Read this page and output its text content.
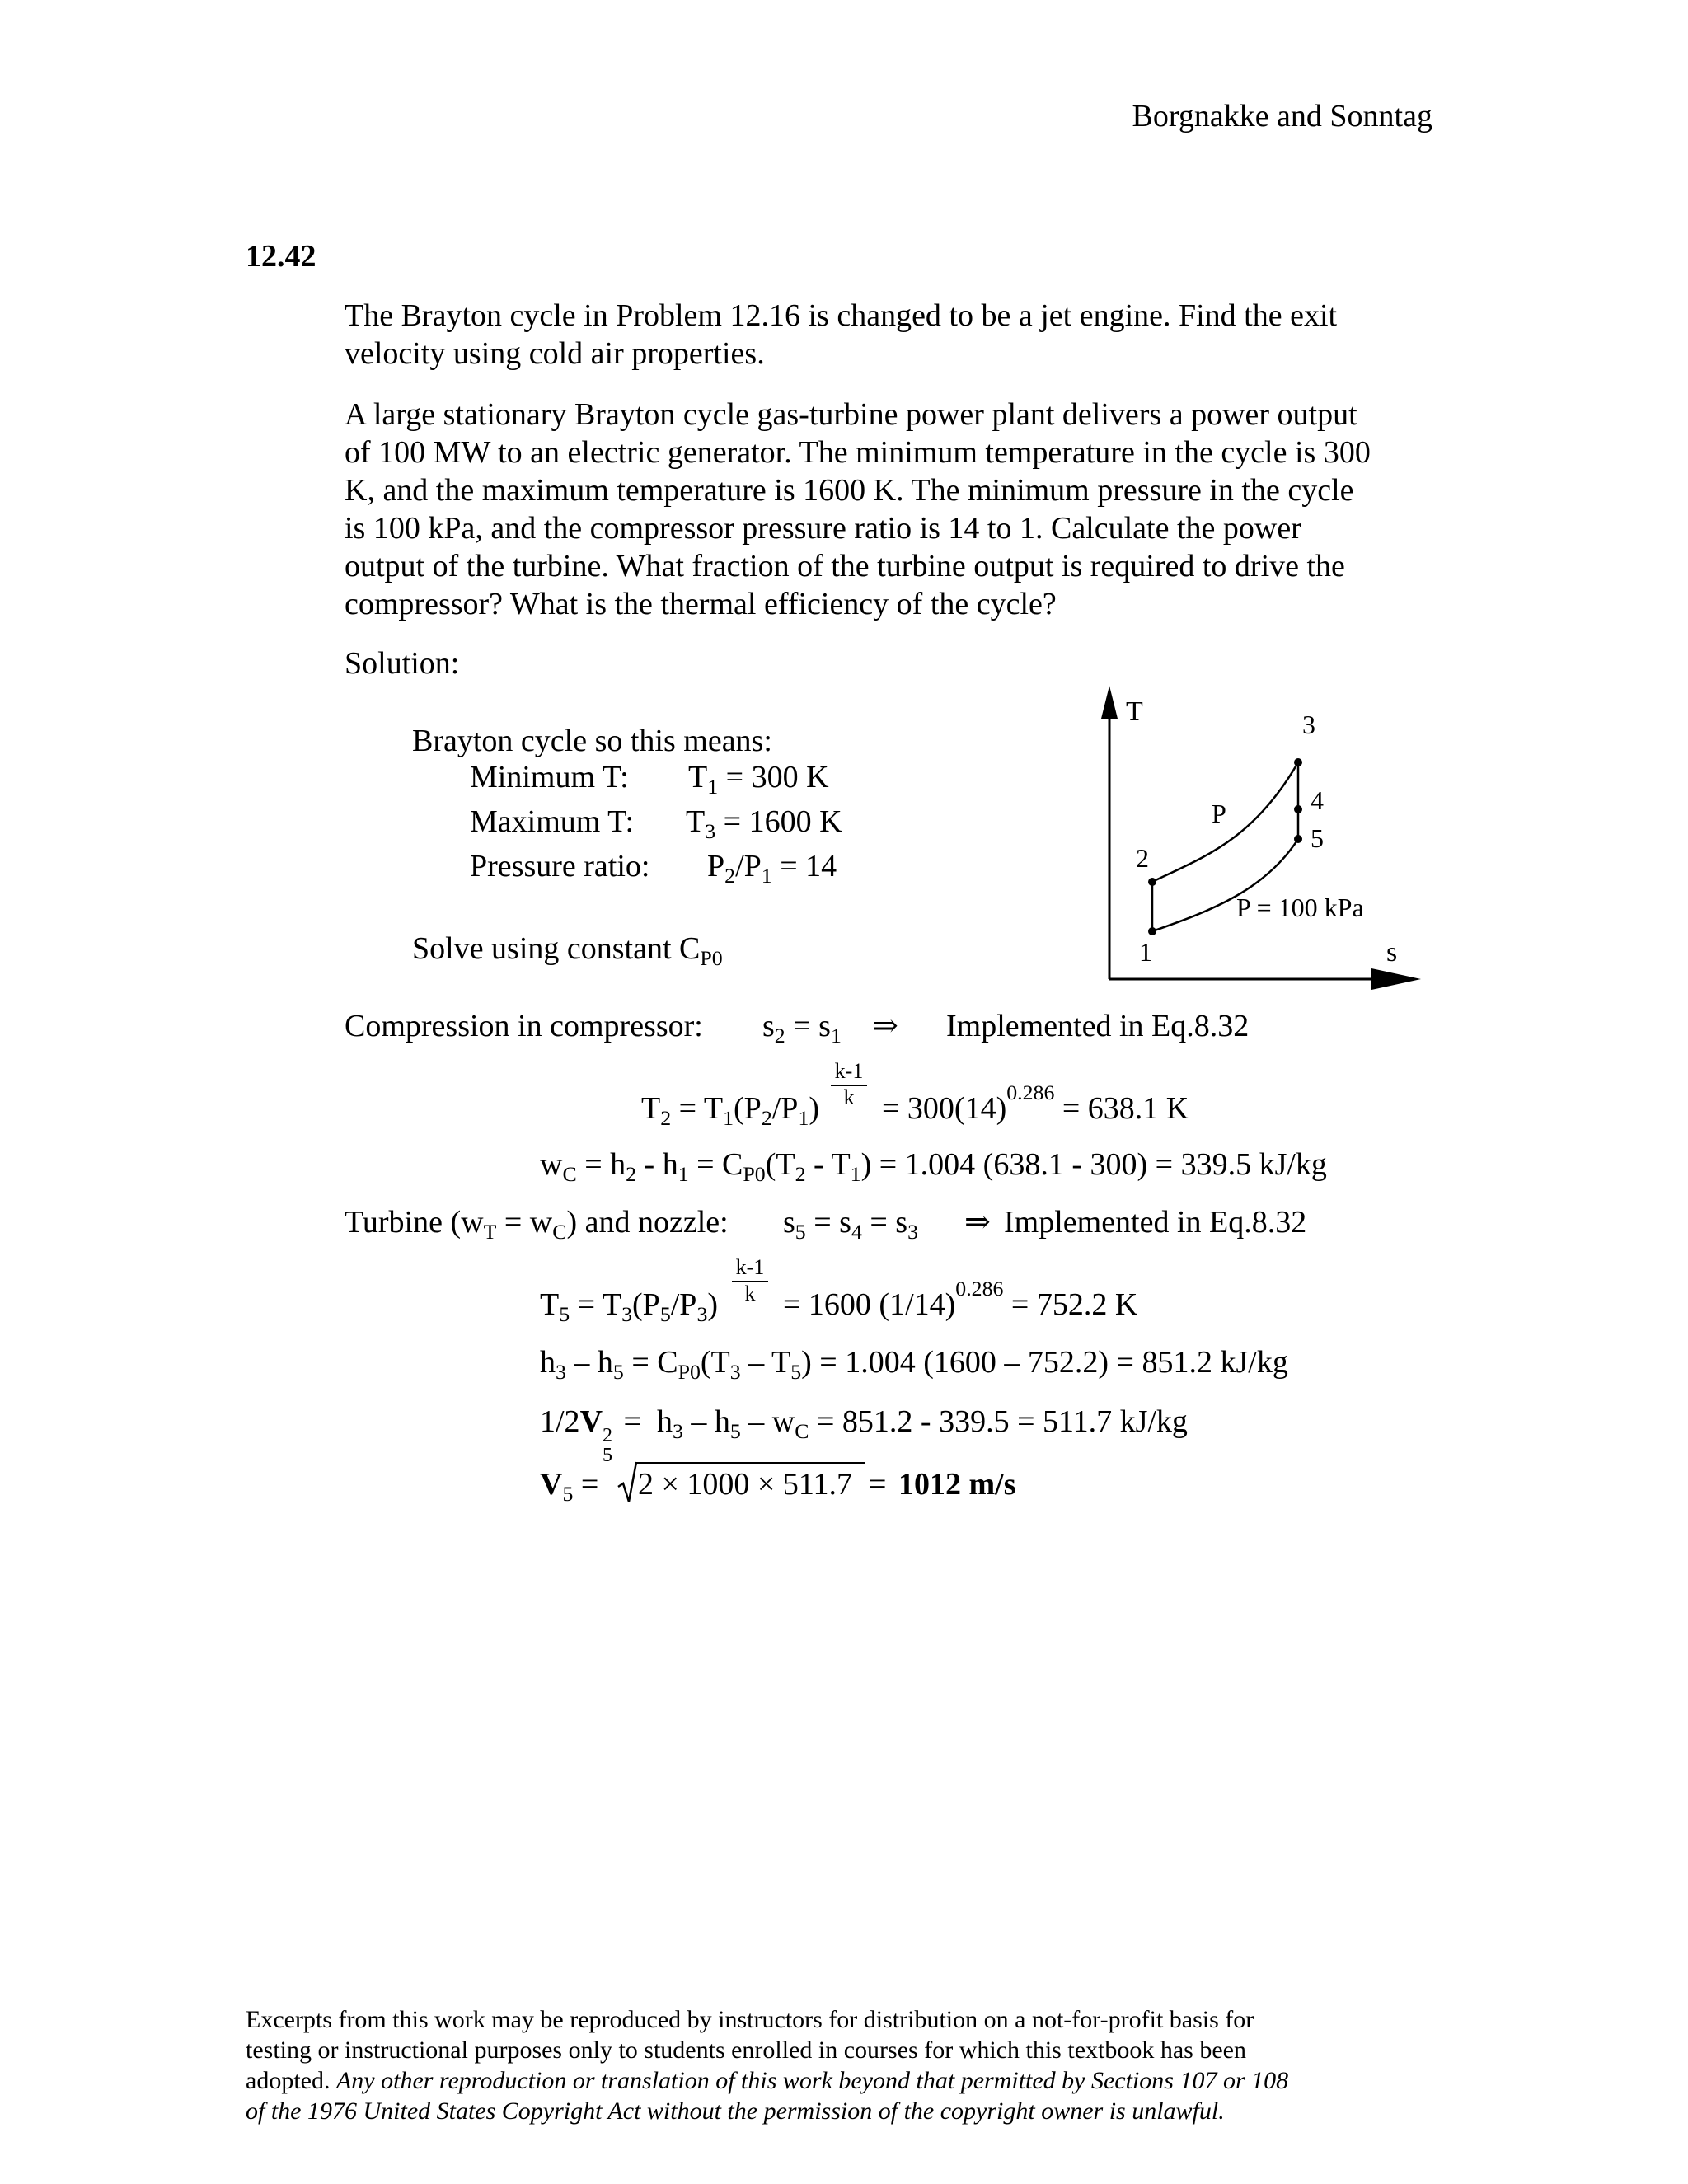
Borgnakke and Sonntag
12.42
The Brayton cycle in Problem 12.16 is changed to be a jet engine. Find the exit
velocity using cold air properties.
A large stationary Brayton cycle gas-turbine power plant delivers a power output
of 100 MW to an electric generator. The minimum temperature in the cycle is 300
K, and the maximum temperature is 1600 K. The minimum pressure in the cycle
is 100 kPa, and the compressor pressure ratio is 14 to 1. Calculate the power
output of the turbine. What fraction of the turbine output is required to drive the
compressor? What is the thermal efficiency of the cycle?
Solution:
Brayton cycle so this means:
Minimum T: $T_1 = 300$ K
Maximum T: $T_3 = 1600$ K
Pressure ratio: $P_2/P_1 = 14$
Solve using constant $C_{P0}$
T
s
1
2
3
4
5
P
P = 100 kPa
Compression in compressor: $s_2 = s_1$ ⇒ Implemented in Eq.8.32
k-1
k
$T_2 = T_1(P_2/P_1) = 300(14)^{0.286} = 638.1$ K
$w_C = h_2 - h_1 = C_{P0}(T_2 - T_1) = 1.004$ (638.1 - 300) = 339.5 kJ/kg
Turbine $(w_T = w_C)$ and nozzle: $s_5 = s_4 = s_3$ ⇒ Implemented in Eq.8.32
k-1
k
$T_5 = T_3(P_5/P_3) = 1600$ $(1/14)^{0.286} = 752.2$ K
$h_3 - h_5 = C_{P0}(T_3 - T_5) = 1.004$ (1600 – 752.2) = 851.2 kJ/kg
1/2V 2
5
=  $h_3 - h_5 - w_C = 851.2 - 339.5 = 511.7$ kJ/kg
$V_5 = 2 \times 1000 \times 511.7 = 1012$ m/s
Excerpts from this work may be reproduced by instructors for distribution on a not-for-profit basis for
testing or instructional purposes only to students enrolled in courses for which this textbook has been
adopted. Any other reproduction or translation of this work beyond that permitted by Sections 107 or 108
of the 1976 United States Copyright Act without the permission of the copyright owner is unlawful.
